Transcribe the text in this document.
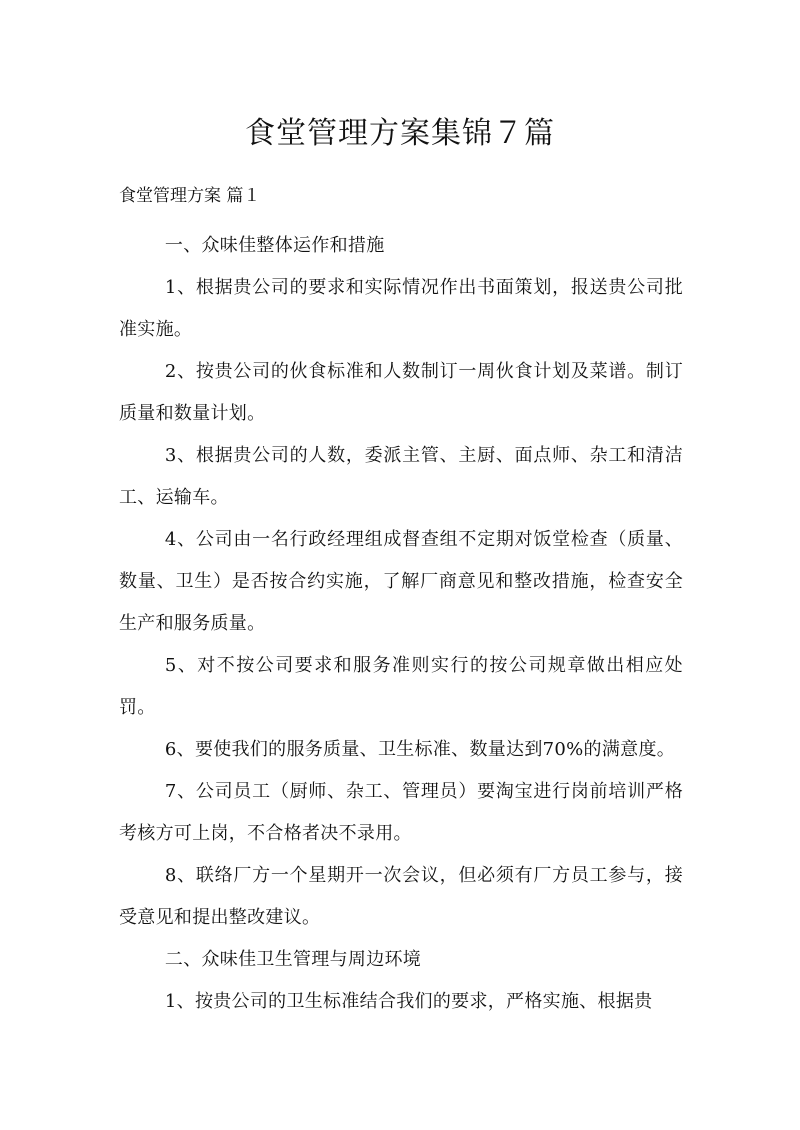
食堂管理方案集锦７篇
食堂管理方案 篇１
一、众味佳整体运作和措施

1、根据贵公司的要求和实际情况作出书面策划，报送贵公司批准实施。

2、按贵公司的伙食标准和人数制订一周伙食计划及菜谱。制订质量和数量计划。

3、根据贵公司的人数，委派主管、主厨、面点师、杂工和清洁工、运输车。

4、公司由一名行政经理组成督查组不定期对饭堂检查（质量、数量、卫生）是否按合约实施，了解厂商意见和整改措施，检查安全生产和服务质量。

5、对不按公司要求和服务准则实行的按公司规章做出相应处罚。

6、要使我们的服务质量、卫生标准、数量达到70%的满意度。

7、公司员工（厨师、杂工、管理员）要淘宝进行岗前培训严格考核方可上岗，不合格者决不录用。

8、联络厂方一个星期开一次会议，但必须有厂方员工参与，接受意见和提出整改建议。

二、众味佳卫生管理与周边环境

1、按贵公司的卫生标准结合我们的要求，严格实施、根据贵
